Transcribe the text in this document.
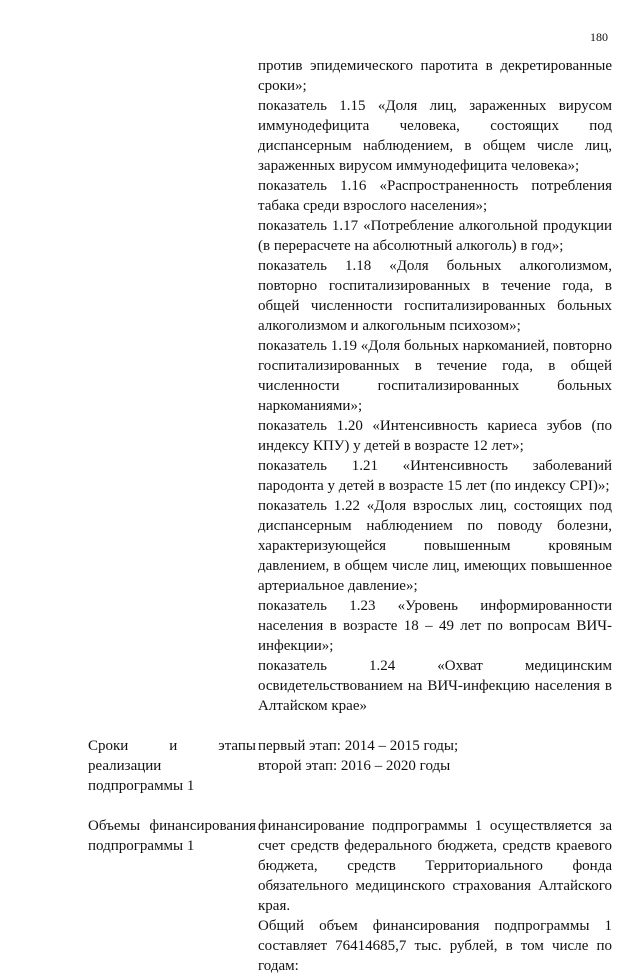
180
против эпидемического паротита в декретированные сроки»;
показатель 1.15 «Доля лиц, зараженных вирусом иммунодефицита человека, состоящих под диспансерным наблюдением, в общем числе лиц, зараженных вирусом иммунодефицита человека»;
показатель 1.16 «Распространенность потребления табака среди взрослого населения»;
показатель 1.17 «Потребление алкогольной продукции (в перерасчете на абсолютный алкоголь) в год»;
показатель 1.18 «Доля больных алкоголизмом, повторно госпитализированных в течение года, в общей численности госпитализированных больных алкоголизмом и алкогольным психозом»;
показатель 1.19 «Доля больных наркоманией, повторно госпитализированных в течение года, в общей численности госпитализированных больных наркоманиями»;
показатель 1.20 «Интенсивность кариеса зубов (по индексу КПУ) у детей в возрасте 12 лет»;
показатель 1.21 «Интенсивность заболеваний пародонта у детей в возрасте 15 лет (по индексу CPI)»;
показатель 1.22 «Доля взрослых лиц, состоящих под диспансерным наблюдением по поводу болезни, характеризующейся повышенным кровяным давлением, в общем числе лиц, имеющих повышенное артериальное давление»;
показатель 1.23 «Уровень информированности населения в возрасте 18 – 49 лет по вопросам ВИЧ-инфекции»;
показатель 1.24 «Охват медицинским освидетельствованием на ВИЧ-инфекцию населения в Алтайском крае»
Сроки и этапы реализации подпрограммы 1
первый этап: 2014 – 2015 годы;
второй этап: 2016 – 2020 годы
Объемы финансирования подпрограммы 1
финансирование подпрограммы 1 осуществляется за счет средств федерального бюджета, средств краевого бюджета, средств Территориального фонда обязательного медицинского страхования Алтайского края.
Общий объем финансирования подпрограммы 1 составляет 76414685,7 тыс. рублей, в том числе по годам:
